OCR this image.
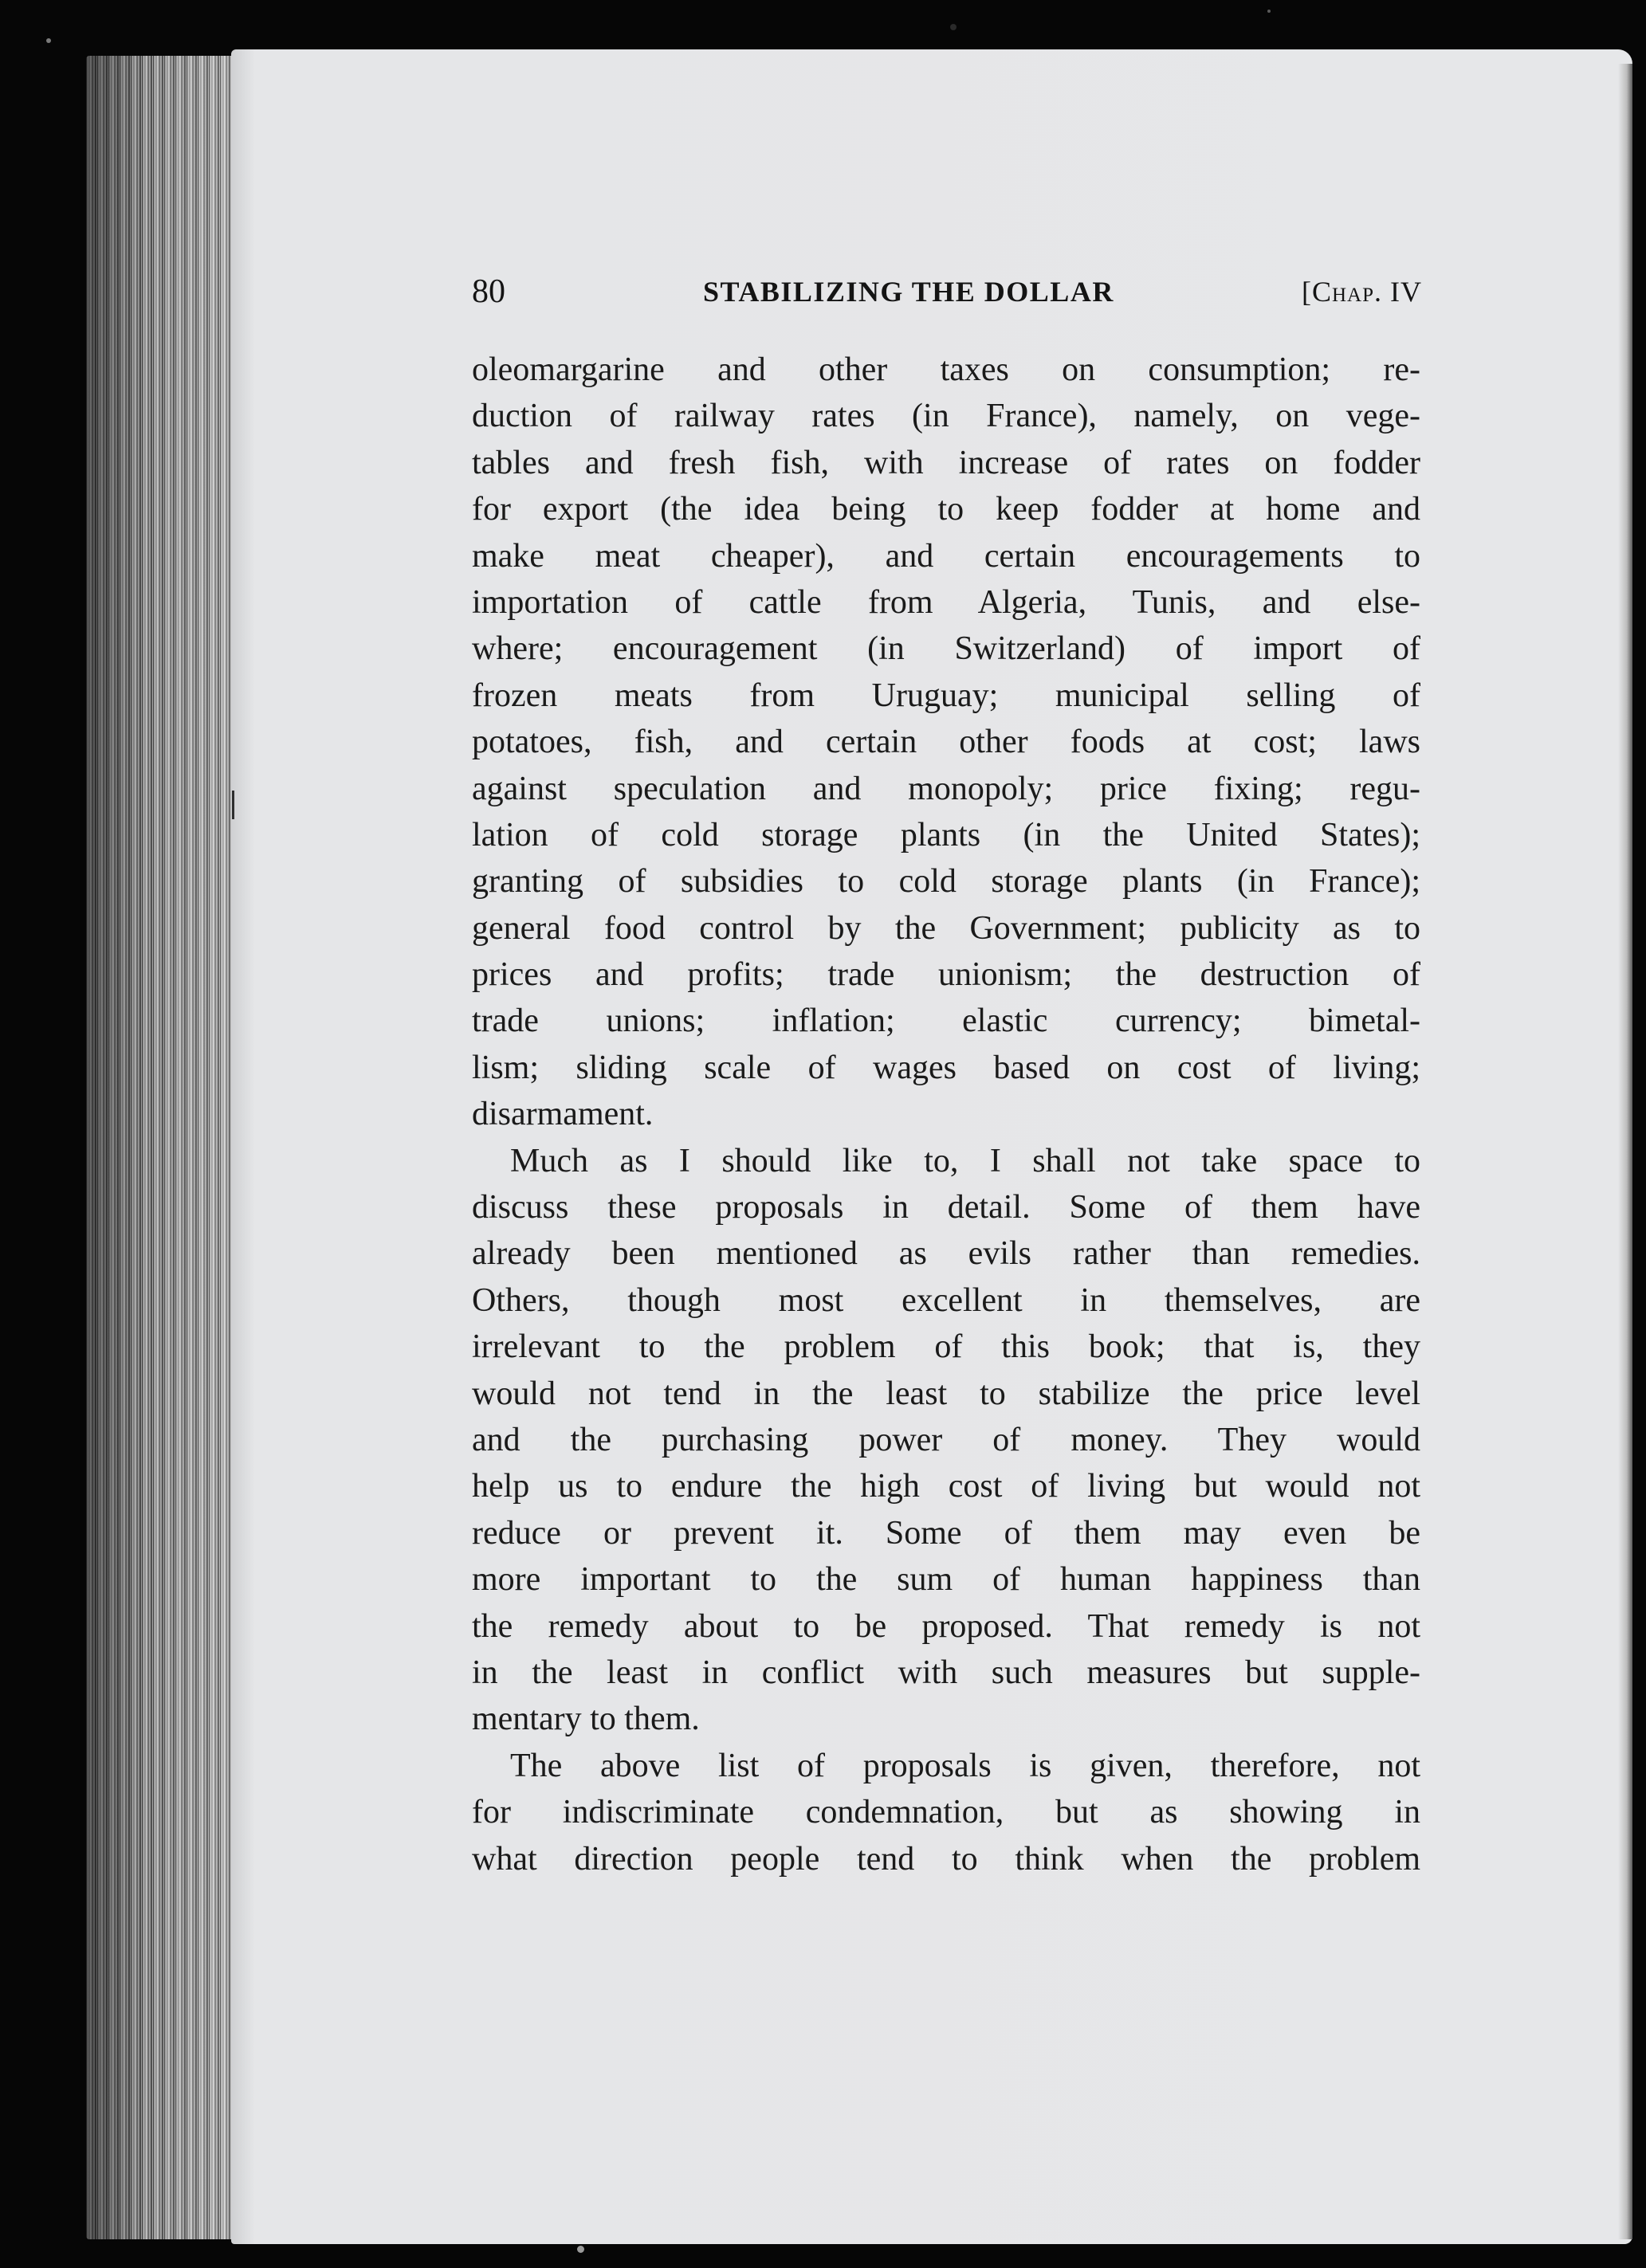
80	STABILIZING THE DOLLAR	[Chap. IV
oleomargarine and other taxes on consumption; re-
duction of railway rates (in France), namely, on vege-
tables and fresh fish, with increase of rates on fodder
for export (the idea being to keep fodder at home and
make meat cheaper), and certain encouragements to
importation of cattle from Algeria, Tunis, and else-
where; encouragement (in Switzerland) of import of
frozen meats from Uruguay; municipal selling of
potatoes, fish, and certain other foods at cost; laws
against speculation and monopoly; price fixing; regu-
lation of cold storage plants (in the United States);
granting of subsidies to cold storage plants (in France);
general food control by the Government; publicity as to
prices and profits; trade unionism; the destruction of
trade unions; inflation; elastic currency; bimetal-
lism; sliding scale of wages based on cost of living;
disarmament.
Much as I should like to, I shall not take space to
discuss these proposals in detail. Some of them have
already been mentioned as evils rather than remedies.
Others, though most excellent in themselves, are
irrelevant to the problem of this book; that is, they
would not tend in the least to stabilize the price level
and the purchasing power of money. They would
help us to endure the high cost of living but would not
reduce or prevent it. Some of them may even be
more important to the sum of human happiness than
the remedy about to be proposed. That remedy is not
in the least in conflict with such measures but supple-
mentary to them.
The above list of proposals is given, therefore, not
for indiscriminate condemnation, but as showing in
what direction people tend to think when the problem
